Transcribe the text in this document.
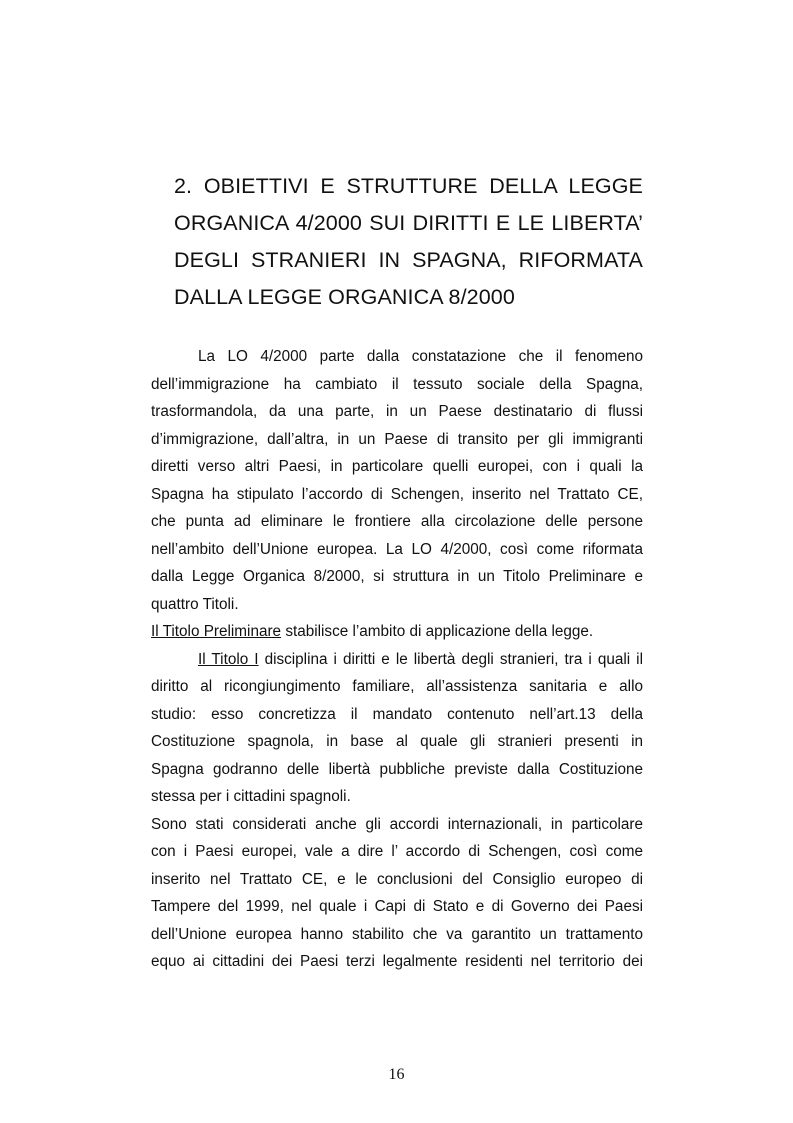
2. OBIETTIVI E STRUTTURE DELLA LEGGE
ORGANICA 4/2000 SUI DIRITTI E LE LIBERTA’
DEGLI STRANIERI IN SPAGNA, RIFORMATA
DALLA LEGGE ORGANICA 8/2000

La LO 4/2000 parte dalla constatazione che il fenomeno
dell’immigrazione ha cambiato il tessuto sociale della Spagna,
trasformandola, da una parte, in un Paese destinatario di flussi
d’immigrazione, dall’altra, in un Paese di transito per gli immigranti
diretti verso altri Paesi, in particolare quelli europei, con i quali la
Spagna ha stipulato l’accordo di Schengen, inserito nel Trattato CE,
che punta ad eliminare le frontiere alla circolazione delle persone
nell’ambito dell’Unione europea. La LO 4/2000, così come riformata
dalla Legge Organica 8/2000, si struttura in un Titolo Preliminare e
quattro Titoli.

Il Titolo Preliminare stabilisce l’ambito di applicazione della legge.

Il Titolo I disciplina i diritti e le libertà degli stranieri, tra i quali il
diritto al ricongiungimento familiare, all’assistenza sanitaria e allo
studio: esso concretizza il mandato contenuto nell’art.13 della
Costituzione spagnola, in base al quale gli stranieri presenti in
Spagna godranno delle libertà pubbliche previste dalla Costituzione
stessa per i cittadini spagnoli.

Sono stati considerati anche gli accordi internazionali, in particolare
con i Paesi europei, vale a dire l’ accordo di Schengen, così come
inserito nel Trattato CE, e le conclusioni del Consiglio europeo di
Tampere del 1999, nel quale i Capi di Stato e di Governo dei Paesi
dell’Unione europea hanno stabilito che va garantito un trattamento
equo ai cittadini dei Paesi terzi legalmente residenti nel territorio dei

16
